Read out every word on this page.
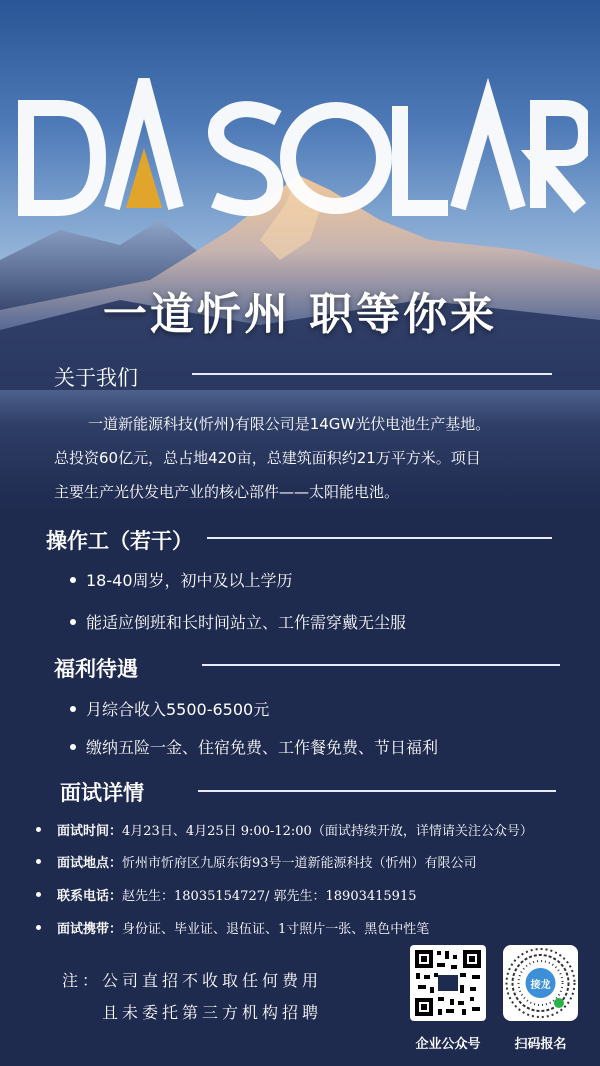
DASOLAR
一道忻州 职等你来
关于我们
一道新能源科技(忻州)有限公司是14GW光伏电池生产基地。
总投资60亿元，总占地420亩，总建筑面积约21万平方米。项目
主要生产光伏发电产业的核心部件——太阳能电池。
操作工（若干）
18-40周岁，初中及以上学历
能适应倒班和长时间站立、工作需穿戴无尘服
福利待遇
月综合收入5500-6500元
缴纳五险一金、住宿免费、工作餐免费、节日福利
面试详情
面试时间：4月23日、4月25日 9:00-12:00（面试持续开放，详情请关注公众号）
面试地点：忻州市忻府区九原东街93号一道新能源科技（忻州）有限公司
联系电话：赵先生：18035154727/ 郭先生：18903415915
面试携带：身份证、毕业证、退伍证、1寸照片一张、黑色中性笔
注：公司直招不收取任何费用
且未委托第三方机构招聘
企业公众号
接龙
扫码报名
